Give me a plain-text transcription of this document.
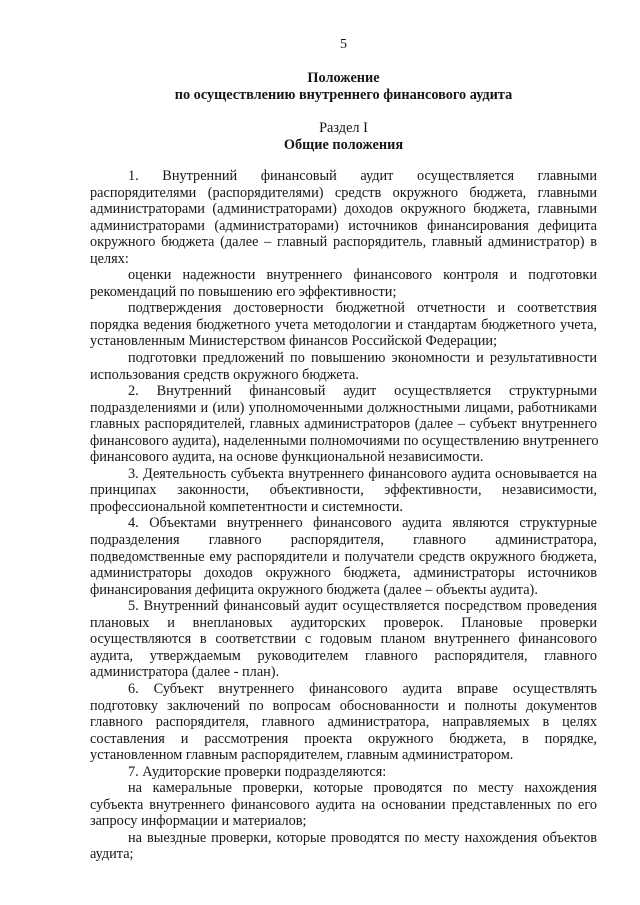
5
Положение
по осуществлению внутреннего финансового аудита
Раздел I
Общие положения
1. Внутренний финансовый аудит осуществляется главными
распорядителями (распорядителями) средств окружного бюджета, главными
администраторами (администраторами) доходов окружного бюджета, главными
администраторами (администраторами) источников финансирования дефицита
окружного бюджета (далее – главный распорядитель, главный администратор) в
целях:
оценки надежности внутреннего финансового контроля и подготовки
рекомендаций по повышению его эффективности;
подтверждения достоверности бюджетной отчетности и соответствия
порядка ведения бюджетного учета методологии и стандартам бюджетного учета,
установленным Министерством финансов Российской Федерации;
подготовки предложений по повышению экономности и результативности
использования средств окружного бюджета.
2. Внутренний финансовый аудит осуществляется структурными
подразделениями и (или) уполномоченными должностными лицами, работниками
главных распорядителей, главных администраторов (далее – субъект внутреннего
финансового аудита), наделенными полномочиями по осуществлению внутреннего
финансового аудита, на основе функциональной независимости.
3. Деятельность субъекта внутреннего финансового аудита основывается на
принципах законности, объективности, эффективности, независимости,
профессиональной компетентности и системности.
4. Объектами внутреннего финансового аудита являются структурные
подразделения главного распорядителя, главного администратора,
подведомственные ему распорядители и получатели средств окружного бюджета,
администраторы доходов окружного бюджета, администраторы источников
финансирования дефицита окружного бюджета (далее – объекты аудита).
5. Внутренний финансовый аудит осуществляется посредством проведения
плановых и внеплановых аудиторских проверок. Плановые проверки
осуществляются в соответствии с годовым планом внутреннего финансового
аудита, утверждаемым руководителем главного распорядителя, главного
администратора (далее - план).
6. Субъект внутреннего финансового аудита вправе осуществлять
подготовку заключений по вопросам обоснованности и полноты документов
главного распорядителя, главного администратора, направляемых в целях
составления и рассмотрения проекта окружного бюджета, в порядке,
установленном главным распорядителем, главным администратором.
7. Аудиторские проверки подразделяются:
на камеральные проверки, которые проводятся по месту нахождения
субъекта внутреннего финансового аудита на основании представленных по его
запросу информации и материалов;
на выездные проверки, которые проводятся по месту нахождения объектов
аудита;
